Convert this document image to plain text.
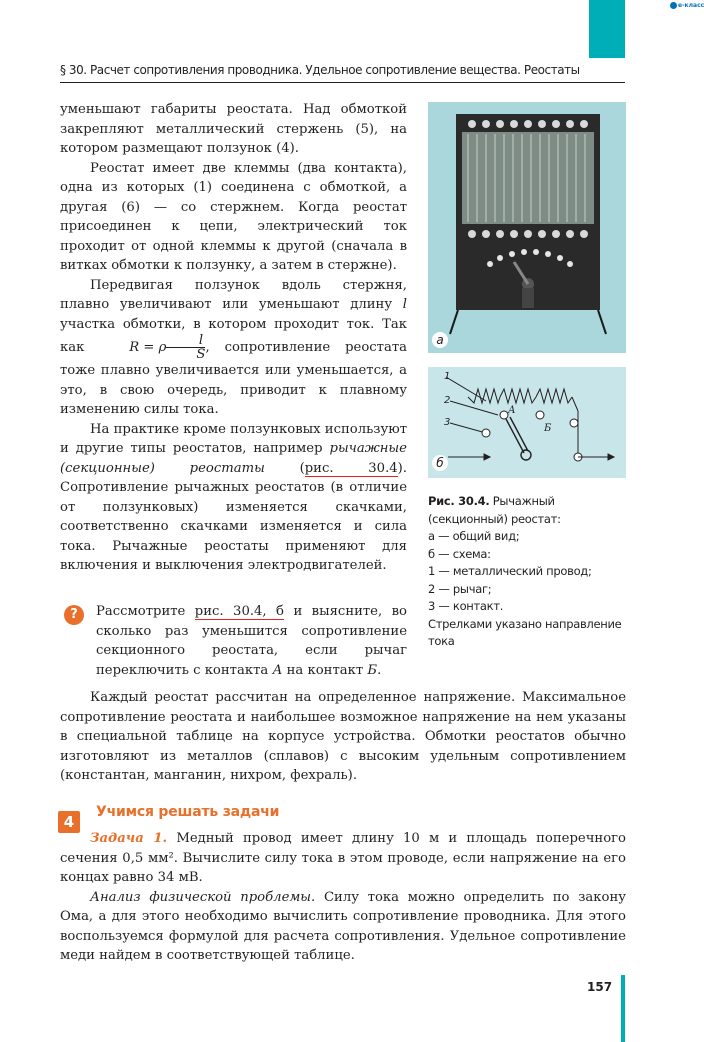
e-класс
§ 30. Расчет сопротивления проводника. Удельное сопротивление вещества. Реостаты

уменьшают габариты реостата. Над обмоткой закрепляют металлический стержень (5), на котором размещают ползунок (4).

Реостат имеет две клеммы (два контакта), одна из которых (1) соединена с обмоткой, а другая (6) — со стержнем. Когда реостат присоединен к цепи, электрический ток проходит от одной клеммы к другой (сначала в витках обмотки к ползунку, а затем в стержне).

Передвигая ползунок вдоль стержня, плавно увеличивают или уменьшают длину l участка обмотки, в котором проходит ток. Так как	R = ρ $\frac{l}{S}$ , сопротивление реостата тоже плавно увеличивается или уменьшается, а это, в свою очередь, приводит к плавному изменению силы тока.

На практике кроме ползунковых используют и другие типы реостатов, например рычажные (секционные) реостаты (рис. 30.4). Сопротивление рычажных реостатов (в отличие от ползунковых) изменяется скачками, соответственно скачками изменяется и сила тока. Рычажные реостаты применяют для включения и выключения электродвигателей.

?	Рассмотрите рис. 30.4, б и выясните, во сколько раз уменьшится сопротивление секционного реостата, если рычаг переключить с контакта А на контакт Б.

Каждый реостат рассчитан на определенное напряжение. Максимальное сопротивление реостата и наибольшее возможное напряжение на нем указаны в специальной таблице на корпусе устройства. Обмотки реостатов обычно изготовляют из металлов (сплавов) с высоким удельным сопротивлением (константан, манганин, нихром, фехраль).

а
1
2
3
А
Б
б
Рис. 30.4. Рычажный (секционный) реостат:
а — общий вид;
б — схема:
1 — металлический провод;
2 — рычаг;
3 — контакт.
Стрелками указано направление тока
4
Учимся решать задачи

Задача 1. Медный провод имеет длину 10 м и площадь поперечного сечения 0,5 мм². Вычислите силу тока в этом проводе, если напряжение на его концах равно 34 мВ.

Анализ физической проблемы. Силу тока можно определить по закону Ома, а для этого необходимо вычислить сопротивление проводника. Для этого воспользуемся формулой для расчета сопротивления. Удельное сопротивление меди найдем в соответствующей таблице.

157
